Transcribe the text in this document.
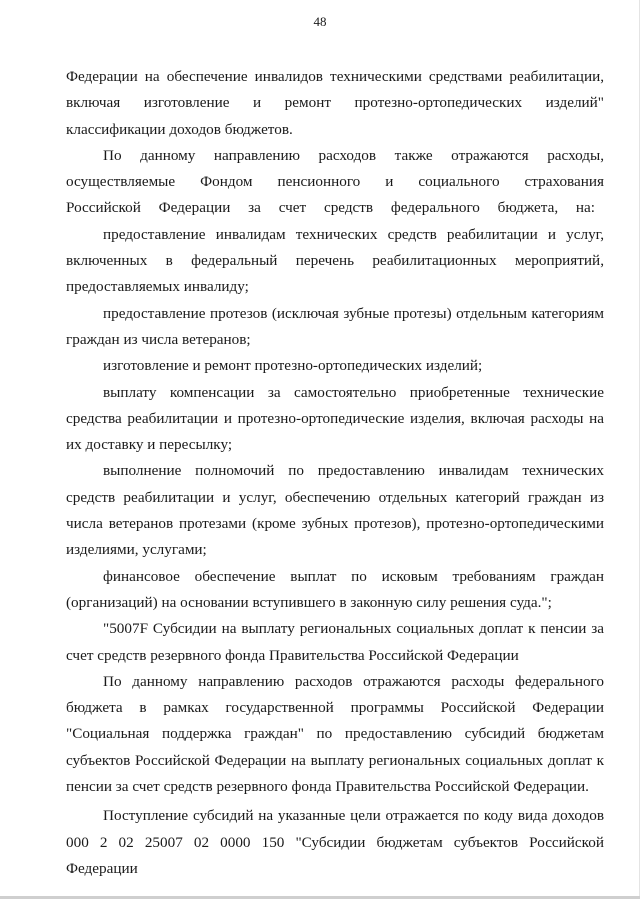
48

Федерации на обеспечение инвалидов техническими средствами реабилитации, включая изготовление и ремонт протезно-ортопедических изделий" классификации доходов бюджетов.

По данному направлению расходов также отражаются расходы, осуществляемые Фондом пенсионного и социального страхования Российской Федерации за счет средств федерального бюджета, на:

предоставление инвалидам технических средств реабилитации и услуг, включенных в федеральный перечень реабилитационных мероприятий, предоставляемых инвалиду;

предоставление протезов (исключая зубные протезы) отдельным категориям граждан из числа ветеранов;

изготовление и ремонт протезно-ортопедических изделий;

выплату компенсации за самостоятельно приобретенные технические средства реабилитации и протезно-ортопедические изделия, включая расходы на их доставку и пересылку;

выполнение полномочий по предоставлению инвалидам технических средств реабилитации и услуг, обеспечению отдельных категорий граждан из числа ветеранов протезами (кроме зубных протезов), протезно-ортопедическими изделиями, услугами;

финансовое обеспечение выплат по исковым требованиям граждан (организаций) на основании вступившего в законную силу решения суда.";

"5007F Субсидии на выплату региональных социальных доплат к пенсии за счет средств резервного фонда Правительства Российской Федерации

По данному направлению расходов отражаются расходы федерального бюджета в рамках государственной программы Российской Федерации "Социальная поддержка граждан" по предоставлению субсидий бюджетам субъектов Российской Федерации на выплату региональных социальных доплат к пенсии за счет средств резервного фонда Правительства Российской Федерации.

Поступление субсидий на указанные цели отражается по коду вида доходов 000 2 02 25007 02 0000 150 "Субсидии бюджетам субъектов Российской Федерации
